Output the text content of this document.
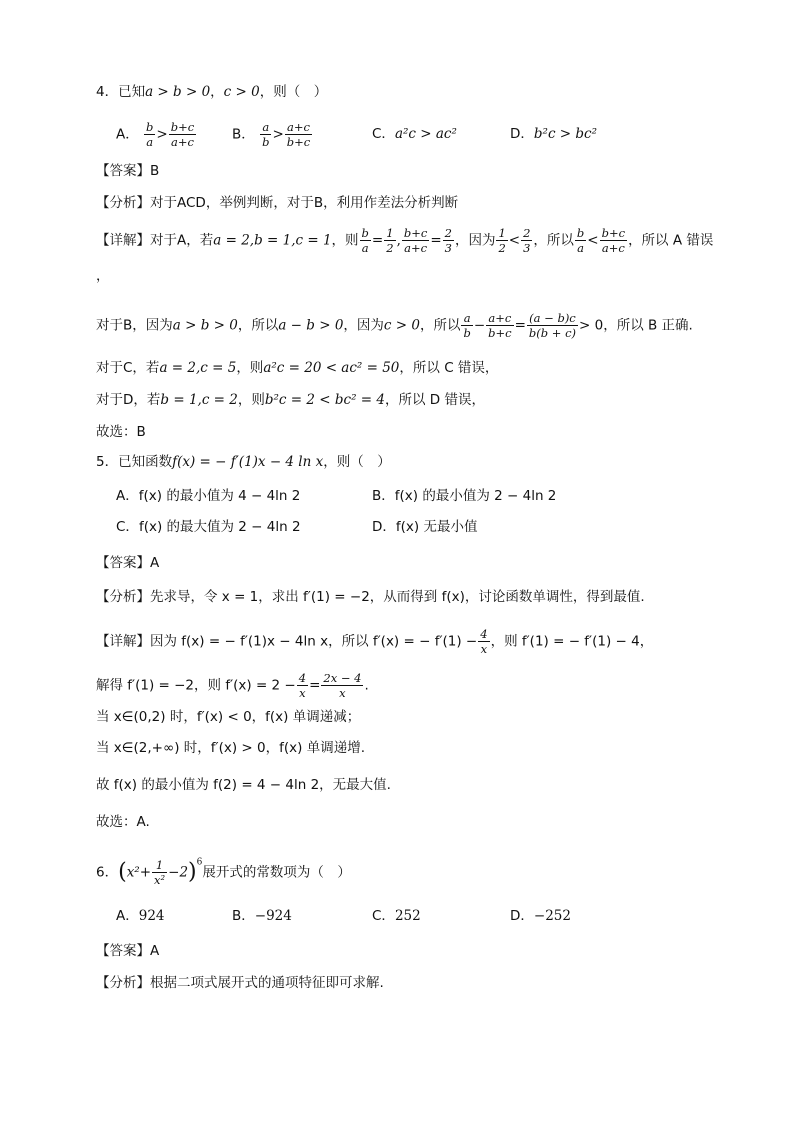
4．已知a > b > 0，c > 0，则（　）
A． $\frac{b}{a} > \frac{b+c}{a+c}$	B． $\frac{a}{b} > \frac{a+c}{b+c}$	C．a²c > ac²	D．b²c > bc²
【答案】B
【分析】对于ACD，举例判断，对于B，利用作差法分析判断
【详解】对于A，若a = 2,b = 1,c = 1，则 $\frac{b}{a} = \frac{1}{2}$ , $\frac{b+c}{a+c} = \frac{2}{3}$ ，因为 $\frac{1}{2} < \frac{2}{3}$ ，所以 $\frac{b}{a} < \frac{b+c}{a+c}$ ，所以 A 错误
，
对于B，因为a > b > 0，所以a − b > 0，因为c > 0，所以 $\frac{a}{b} - \frac{a+c}{b+c} = \frac{(a - b)c}{b(b + c)} > 0$，所以 B 正确.
对于C，若a = 2,c = 5，则a²c = 20 < ac² = 50，所以 C 错误，
对于D，若b = 1,c = 2，则b²c = 2 < bc² = 4，所以 D 错误，
故选：B
5．已知函数f(x) = − f′(1)x − 4 ln x，则（　）
A．f(x) 的最小值为 4 − 4ln 2	B．f(x) 的最小值为 2 − 4ln 2
C．f(x) 的最大值为 2 − 4ln 2	D．f(x) 无最小值
【答案】A
【分析】先求导，令 x = 1，求出 f′(1) = −2，从而得到 f(x)，讨论函数单调性，得到最值.
【详解】因为 f(x) = − f′(1)x − 4ln x，所以 f′(x) = − $f'(1) - \frac{4}{x}$ ，则 f′(1) = − f′(1) − 4，
解得 f′(1) = −2，则 $f'(x) = 2 - \frac{4}{x} = \frac{2x - 4}{x}$ .
当 x∈(0,2) 时，f′(x) < 0，f(x) 单调递减；
当 x∈(2,+∞) 时，f′(x) > 0，f(x) 单调递增.
故 f(x) 的最小值为 f(2) = 4 − 4ln 2，无最大值.
故选：A.
6．$(x^2+ \frac{1}{\text{x²}} -2)^6$展开式的常数项为（　）
A．924	B．−924	C．252	D．−252
【答案】A
【分析】根据二项式展开式的通项特征即可求解.
